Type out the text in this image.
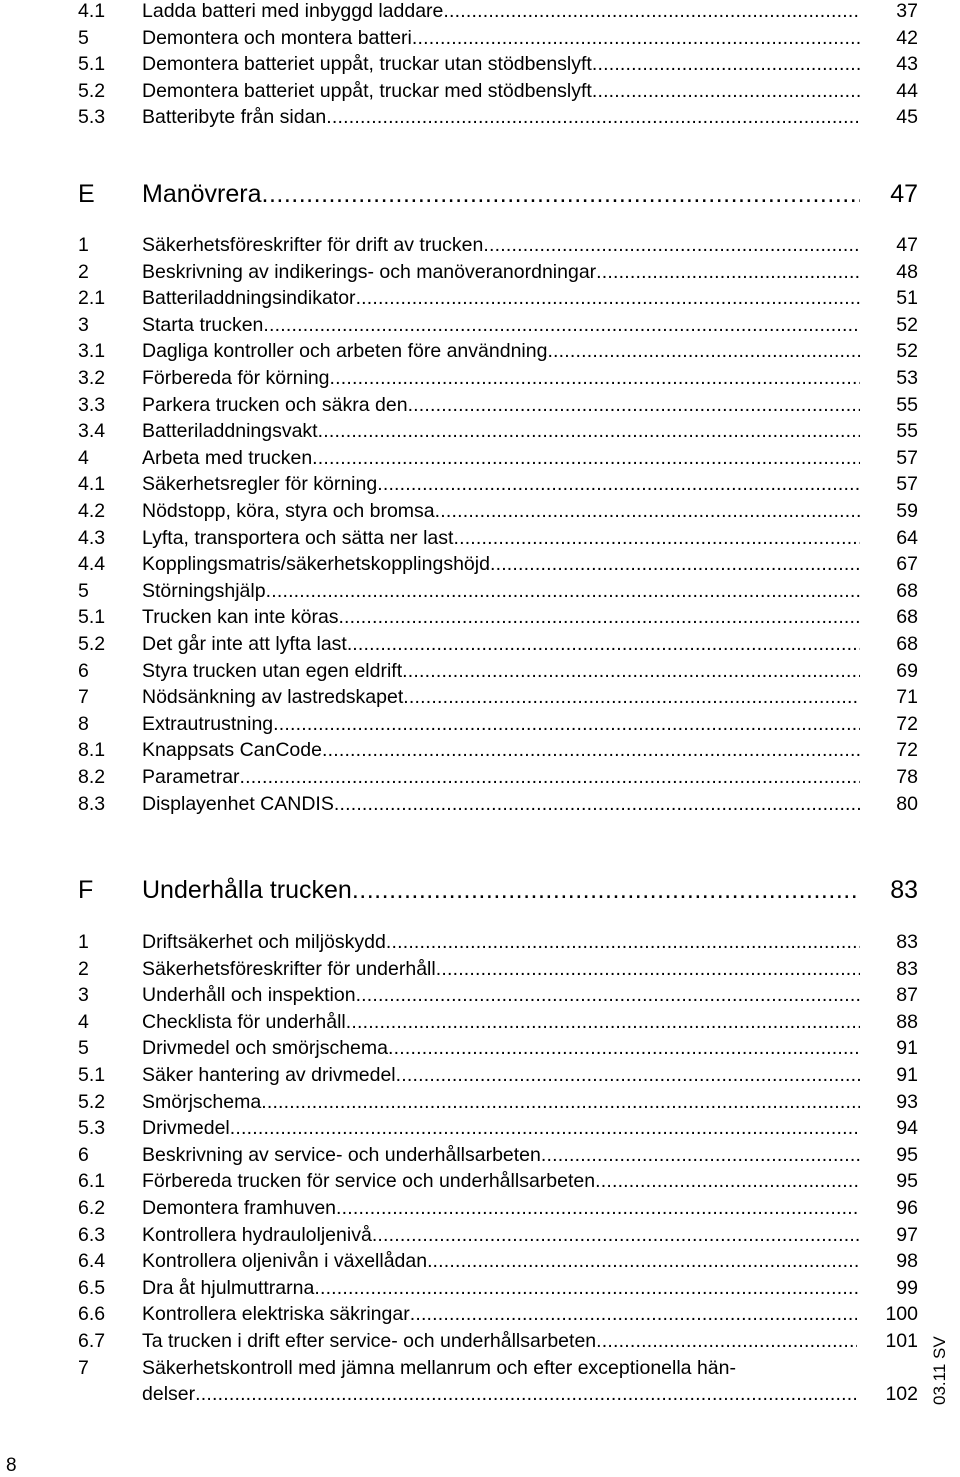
4.1 Ladda batteri med inbyggd laddare .....	37
5	Demontera och montera batteri .....	42
5.1 Demontera batteriet uppåt, truckar utan stödbenslyft .....	43
5.2 Demontera batteriet uppåt, truckar med stödbenslyft .....	44
5.3 Batteribyte från sidan .....	45
E Manövrera .....	47
1	Säkerhetsföreskrifter för drift av trucken .....	47
2	Beskrivning av indikerings- och manöveranordningar .....	48
2.1 Batteriladdningsindikator .....	51
3	Starta trucken .....	52
3.1 Dagliga kontroller och arbeten före användning .....	52
3.2 Förbereda för körning .....	53
3.3 Parkera trucken och säkra den .....	55
3.4 Batteriladdningsvakt .....	55
4	Arbeta med trucken .....	57
4.1 Säkerhetsregler för körning .....	57
4.2 Nödstopp, köra, styra och bromsa .....	59
4.3 Lyfta, transportera och sätta ner last .....	64
4.4 Kopplingsmatris/säkerhetskopplingshöjd .....	67
5	Störningshjälp .....	68
5.1 Trucken kan inte köras. .....	68
5.2 Det går inte att lyfta last. .....	68
6	Styra trucken utan egen eldrift .....	69
7	Nödsänkning av lastredskapet .....	71
8	Extrautrustning .....	72
8.1 Knappsats CanCode .....	72
8.2 Parametrar .....	78
8.3 Displayenhet CANDIS .....	80
F Underhålla trucken .....	83
1	Driftsäkerhet och miljöskydd .....	83
2	Säkerhetsföreskrifter för underhåll .....	83
3	Underhåll och inspektion .....	87
4	Checklista för underhåll .....	88
5	Drivmedel och smörjschema .....	91
5.1 Säker hantering av drivmedel .....	91
5.2 Smörjschema .....	93
5.3 Drivmedel .....	94
6	Beskrivning av service- och underhållsarbeten .....	95
6.1 Förbereda trucken för service och underhållsarbeten .....	95
6.2 Demontera framhuven .....	96
6.3 Kontrollera hydrauloljenivå .....	97
6.4 Kontrollera oljenivån i växellådan. .....	98
6.5 Dra åt hjulmuttrarna .....	99
6.6 Kontrollera elektriska säkringar .....	100
6.7 Ta trucken i drift efter service- och underhållsarbeten .....	101
7	Säkerhetskontroll med jämna mellanrum och efter exceptionella hän-
delser .....	102 03.11 SV
8
